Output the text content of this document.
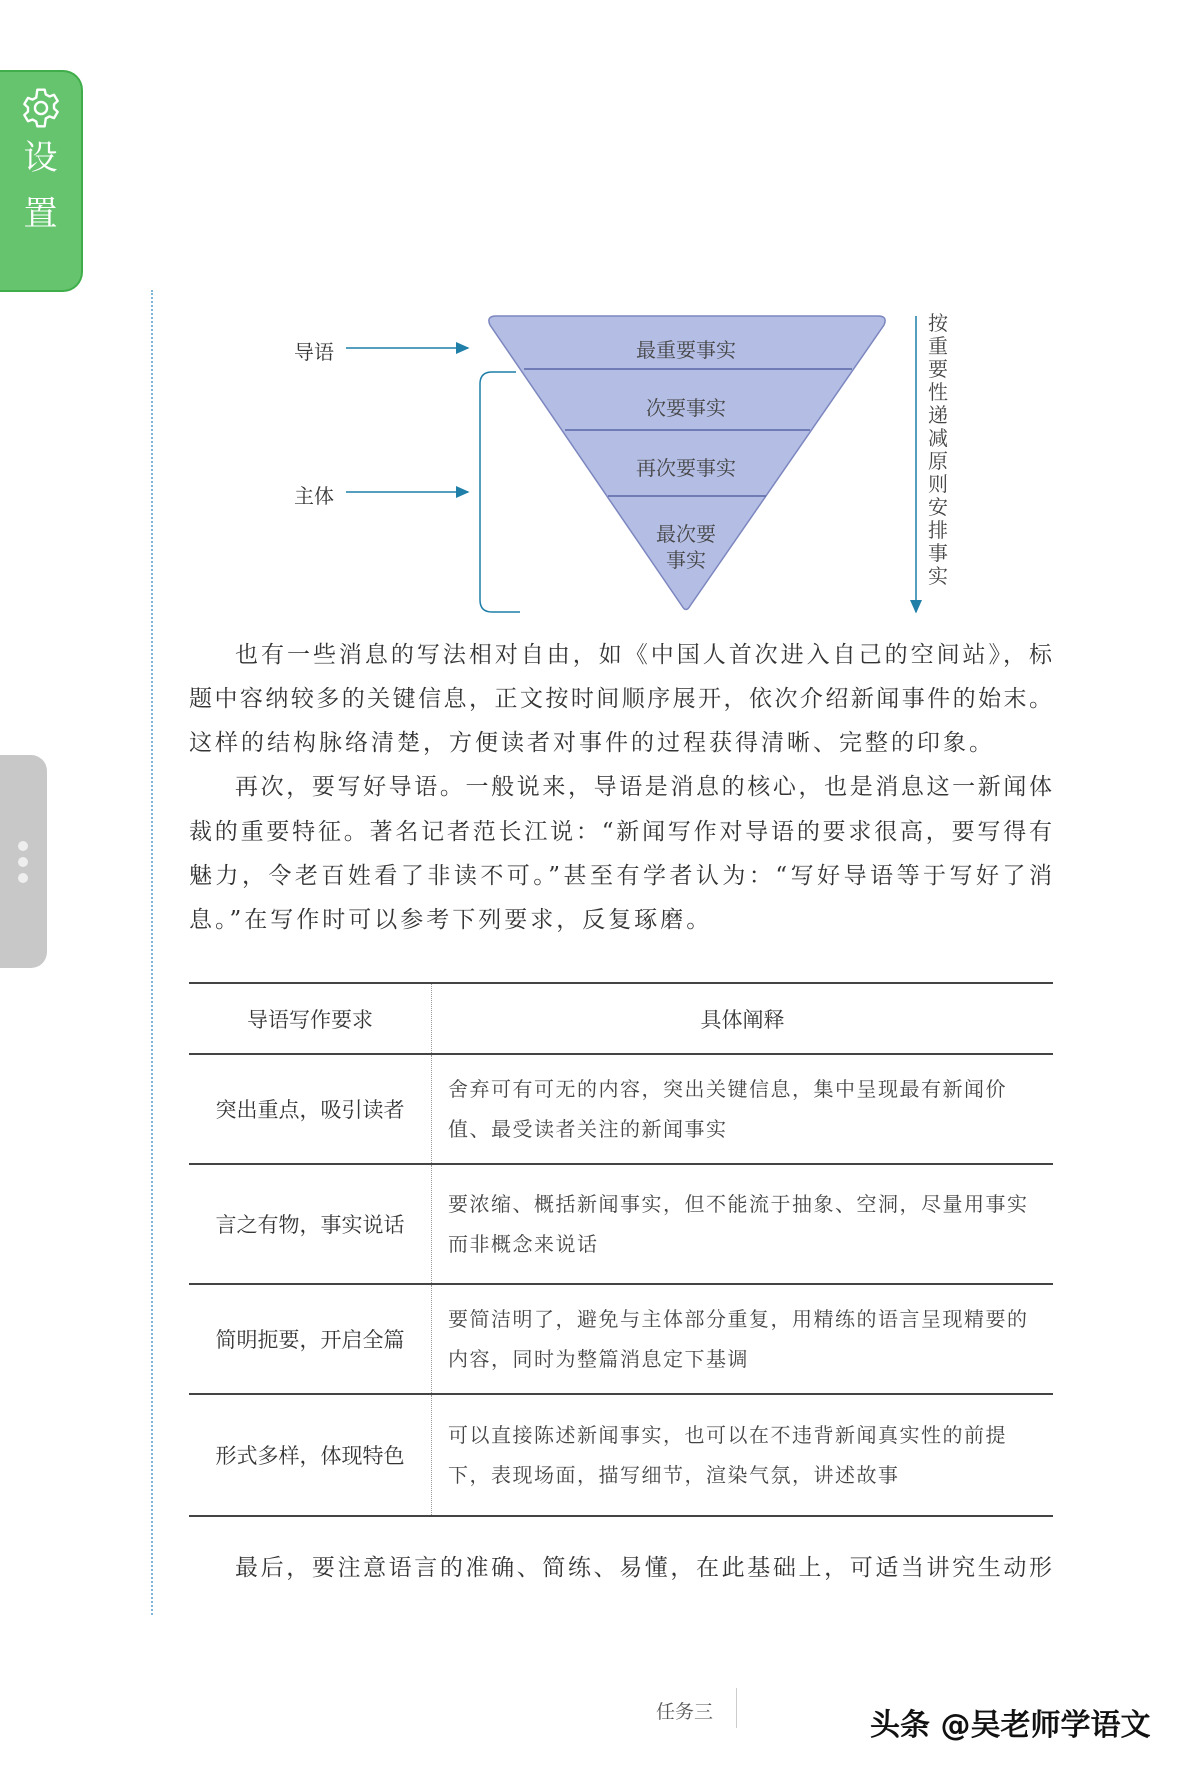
设
置
导语
主体
最重要事实
次要事实
再次要事实
最次要
事实
按重要性递减原则安排事实
也有一些消息的写法相对自由，如《中国人首次进入自己的空间站》，标
题中容纳较多的关键信息，正文按时间顺序展开，依次介绍新闻事件的始末。
这样的结构脉络清楚，方便读者对事件的过程获得清晰、完整的印象。
再次，要写好导语。一般说来，导语是消息的核心，也是消息这一新闻体
裁的重要特征。著名记者范长江说：“新闻写作对导语的要求很高，要写得有
魅力，令老百姓看了非读不可。”甚至有学者认为：“写好导语等于写好了消
息。”在写作时可以参考下列要求，反复琢磨。
导语写作要求	具体阐释
突出重点，吸引读者	舍弃可有可无的内容，突出关键信息，集中呈现最有新闻价值、最受读者关注的新闻事实
言之有物，事实说话	要浓缩、概括新闻事实，但不能流于抽象、空洞，尽量用事实而非概念来说话
简明扼要，开启全篇	要简洁明了，避免与主体部分重复，用精练的语言呈现精要的内容，同时为整篇消息定下基调
形式多样，体现特色	可以直接陈述新闻事实，也可以在不违背新闻真实性的前提下，表现场面，描写细节，渲染气氛，讲述故事
最后，要注意语言的准确、简练、易懂，在此基础上，可适当讲究生动形
任务三	头条 @吴老师学语文
